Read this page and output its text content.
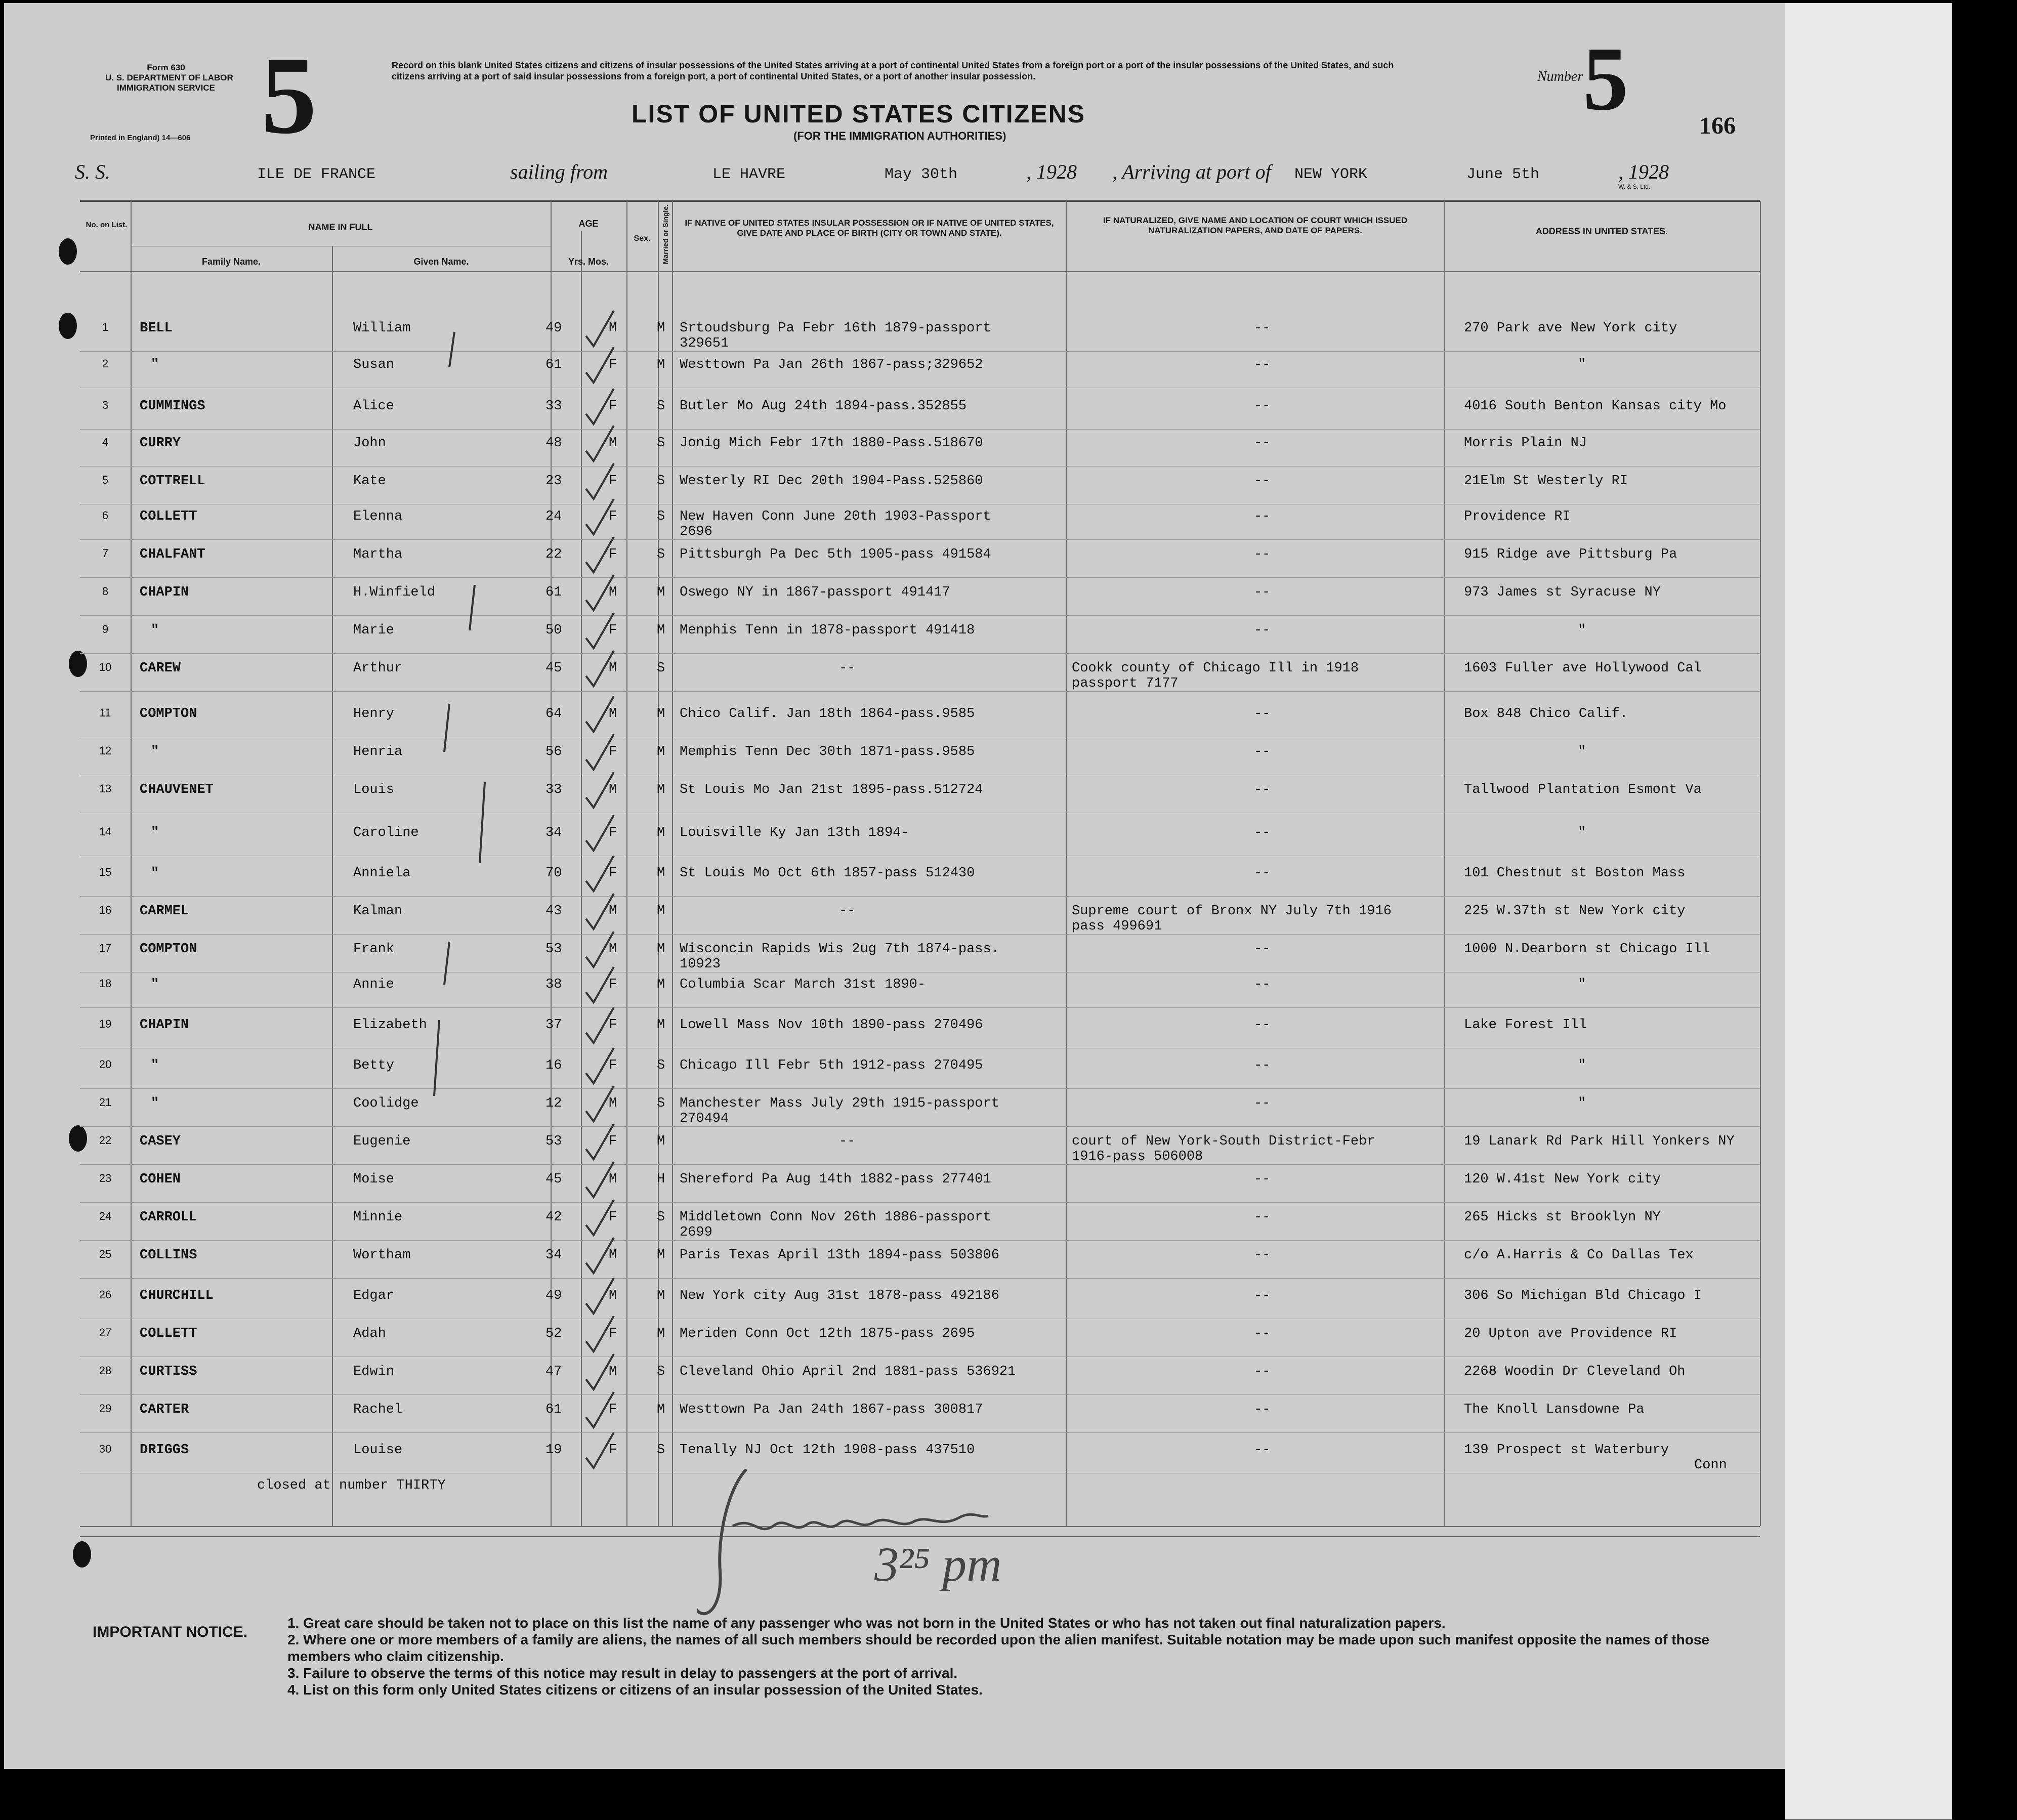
Form 630
U. S. DEPARTMENT OF LABOR
IMMIGRATION SERVICE
Printed in England) 14—606 5	Record on this blank United States citizens and citizens of insular possessions of the United States arriving at a port of continental United States from a foreign port or a port of the insular possessions of the United States, and such citizens arriving at a port of said insular possessions from a foreign port, a port of continental United States, or a port of another insular possession.
LIST OF UNITED STATES CITIZENS
(FOR THE IMMIGRATION AUTHORITIES)
Number 5	166
S. S.	ILE DE FRANCE	sailing from	LE HAVRE	May 30th	, 1928 , Arriving at port of NEW YORK	June 5th	, 1928
W. & S. Ltd.
No. on List.	NAME IN FULL
Family Name.	Given Name.
AGE
Yrs. Mos.
Sex.	Married or Single.	IF NATIVE OF UNITED STATES INSULAR POSSESSION OR IF NATIVE OF UNITED STATES, GIVE DATE AND PLACE OF BIRTH (CITY OR TOWN AND STATE).
IF NATURALIZED, GIVE NAME AND LOCATION OF COURT WHICH ISSUED NATURALIZATION PAPERS, AND DATE OF PAPERS.	ADDRESS IN UNITED STATES.
1 BELL	William	49	M	M Srtoudsburg Pa Febr 16th 1879-passport	--	270 Park ave New York city
329651
2	"	Susan	61	F	M Westtown Pa Jan 26th 1867-pass;329652	--	"
3 CUMMINGS	Alice	33	F	S Butler Mo Aug 24th 1894-pass.352855	--	4016 South Benton Kansas city Mo
4 CURRY	John	48	M	S Jonig Mich Febr 17th 1880-Pass.518670	--	Morris Plain NJ
5 COTTRELL	Kate	23	F	S Westerly RI Dec 20th 1904-Pass.525860	--	21Elm St Westerly RI
6 COLLETT	Elenna	24	F	S New Haven Conn June 20th 1903-Passport	--	Providence RI
2696
7 CHALFANT	Martha	22	F	S Pittsburgh Pa Dec 5th 1905-pass 491584	--	915 Ridge ave Pittsburg Pa
8 CHAPIN	H.Winfield	61	M	M Oswego NY in 1867-passport 491417	--	973 James st Syracuse NY
9	"	Marie	50	F	M Menphis Tenn in 1878-passport 491418	--	"
10 CAREW	Arthur	45	M	S	--	Cookk county of Chicago Ill in 1918	1603 Fuller ave Hollywood Cal
passport 7177
11 COMPTON	Henry	64	M	M Chico Calif. Jan 18th 1864-pass.9585	--	Box 848 Chico Calif.
12	"	Henria	56	F	M Memphis Tenn Dec 30th 1871-pass.9585	--	"
13 CHAUVENET	Louis	33	M	M St Louis Mo Jan 21st 1895-pass.512724	--	Tallwood Plantation Esmont Va
14	"	Caroline	34	F	M Louisville Ky Jan 13th 1894-	--	"
15	"	Anniela	70	F	M St Louis Mo Oct 6th 1857-pass 512430	--	101 Chestnut st Boston Mass
16 CARMEL	Kalman	43	M	M	--	Supreme court of Bronx NY July 7th 1916	225 W.37th st New York city
pass 499691
17 COMPTON	Frank	53	M	M Wisconcin Rapids Wis 2ug 7th 1874-pass.	--	1000 N.Dearborn st Chicago Ill
10923
18	"	Annie	38	F	M Columbia Scar March 31st 1890-	--	"
19 CHAPIN	Elizabeth	37	F	M Lowell Mass Nov 10th 1890-pass 270496	--	Lake Forest Ill
20	"	Betty	16	F	S Chicago Ill Febr 5th 1912-pass 270495	--	"
21	"	Coolidge	12	M	S Manchester Mass July 29th 1915-passport	--	"
270494
22 CASEY	Eugenie	53	F	M	--	court of New York-South District-Febr	19 Lanark Rd Park Hill Yonkers NY
1916-pass 506008
23 COHEN	Moise	45	M	H Shereford Pa Aug 14th 1882-pass 277401	--	120 W.41st New York city
24 CARROLL	Minnie	42	F	S Middletown Conn Nov 26th 1886-passport	--	265 Hicks st Brooklyn NY
2699
25 COLLINS	Wortham	34	M	M Paris Texas April 13th 1894-pass 503806	--	c/o A.Harris & Co Dallas Tex
26 CHURCHILL	Edgar	49	M	M New York city Aug 31st 1878-pass 492186	--	306 So Michigan Bld Chicago I
27 COLLETT	Adah	52	F	M Meriden Conn Oct 12th 1875-pass 2695	--	20 Upton ave Providence RI
28 CURTISS	Edwin	47	M	S Cleveland Ohio April 2nd 1881-pass 536921	--	2268 Woodin Dr Cleveland Oh
29 CARTER	Rachel	61	F	M Westtown Pa Jan 24th 1867-pass 300817	--	The Knoll Lansdowne Pa
30 DRIGGS	Louise	19	F	S Tenally NJ Oct 12th 1908-pass 437510	--	139 Prospect st Waterbury
Conn
closed at number THIRTY
3²⁵ pm
IMPORTANT NOTICE.
1. Great care should be taken not to place on this list the name of any passenger who was not born in the United States or who has not taken out final naturalization papers.
2. Where one or more members of a family are aliens, the names of all such members should be recorded upon the alien manifest. Suitable notation may be made upon such manifest opposite the names of those members who claim citizenship.
3. Failure to observe the terms of this notice may result in delay to passengers at the port of arrival.
4. List on this form only United States citizens or citizens of an insular possession of the United States.
